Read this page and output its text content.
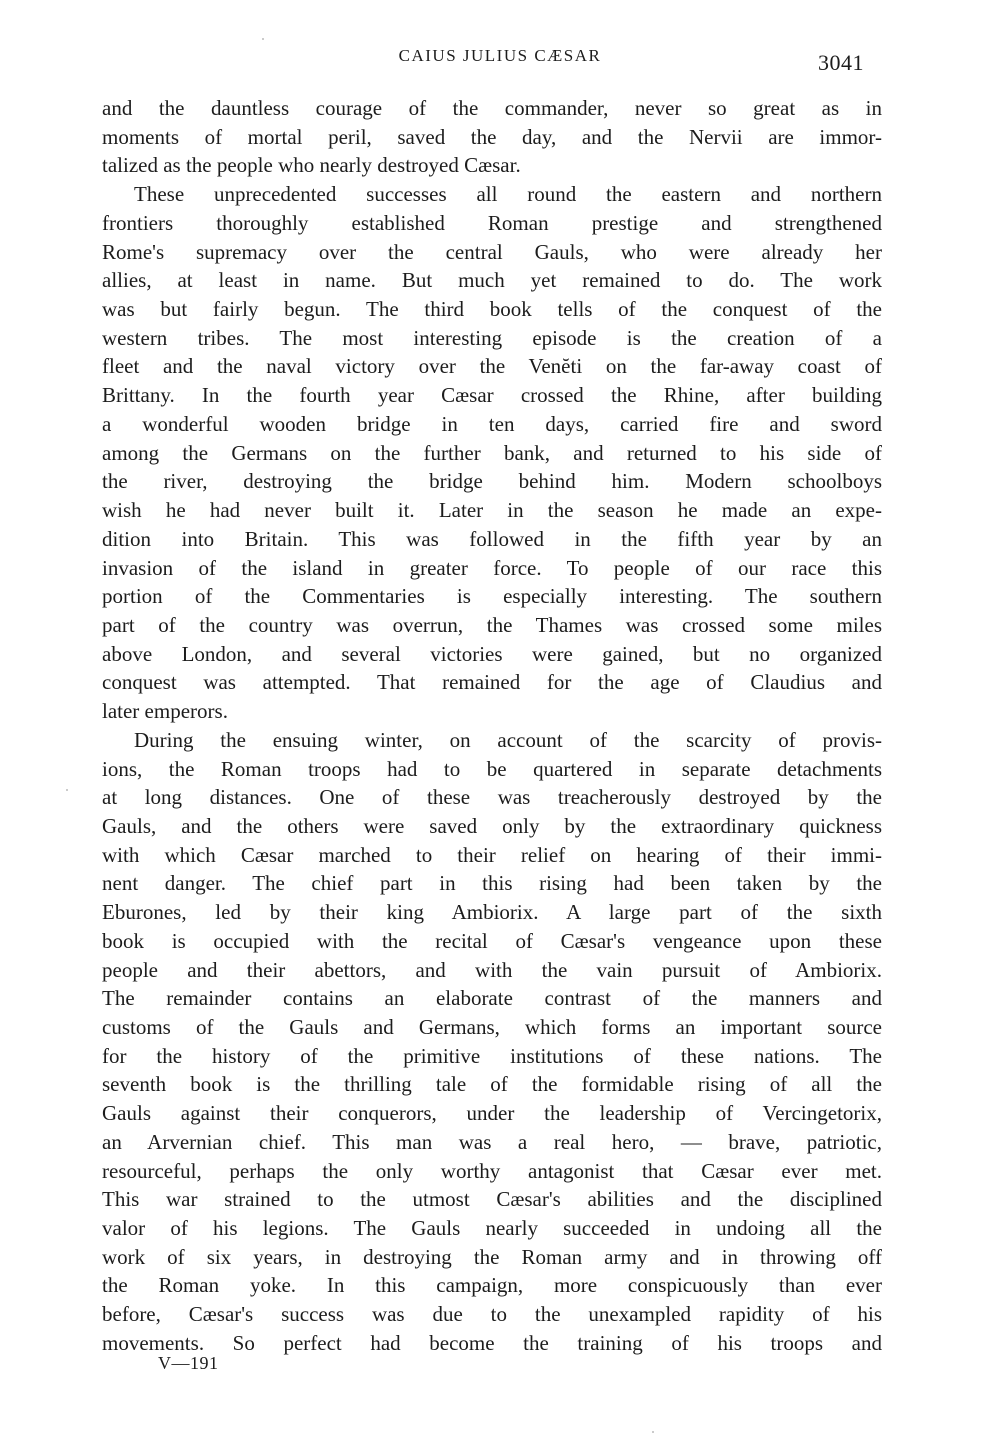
CAIUS JULIUS CÆSAR	3041
and the dauntless courage of the commander, never so great as in
moments of mortal peril, saved the day, and the Nervii are immor-
talized as the people who nearly destroyed Cæsar.
These unprecedented successes all round the eastern and northern
frontiers thoroughly established Roman prestige and strengthened
Rome's supremacy over the central Gauls, who were already her
allies, at least in name. But much yet remained to do. The work
was but fairly begun. The third book tells of the conquest of the
western tribes. The most interesting episode is the creation of a
fleet and the naval victory over the Venĕti on the far-away coast of
Brittany. In the fourth year Cæsar crossed the Rhine, after building
a wonderful wooden bridge in ten days, carried fire and sword
among the Germans on the further bank, and returned to his side of
the river, destroying the bridge behind him. Modern schoolboys
wish he had never built it. Later in the season he made an expe-
dition into Britain. This was followed in the fifth year by an
invasion of the island in greater force. To people of our race this
portion of the Commentaries is especially interesting. The southern
part of the country was overrun, the Thames was crossed some miles
above London, and several victories were gained, but no organized
conquest was attempted. That remained for the age of Claudius and
later emperors.
During the ensuing winter, on account of the scarcity of provis-
ions, the Roman troops had to be quartered in separate detachments
at long distances. One of these was treacherously destroyed by the
Gauls, and the others were saved only by the extraordinary quickness
with which Cæsar marched to their relief on hearing of their immi-
nent danger. The chief part in this rising had been taken by the
Eburones, led by their king Ambiorix. A large part of the sixth
book is occupied with the recital of Cæsar's vengeance upon these
people and their abettors, and with the vain pursuit of Ambiorix.
The remainder contains an elaborate contrast of the manners and
customs of the Gauls and Germans, which forms an important source
for the history of the primitive institutions of these nations. The
seventh book is the thrilling tale of the formidable rising of all the
Gauls against their conquerors, under the leadership of Vercingetorix,
an Arvernian chief. This man was a real hero, — brave, patriotic,
resourceful, perhaps the only worthy antagonist that Cæsar ever met.
This war strained to the utmost Cæsar's abilities and the disciplined
valor of his legions. The Gauls nearly succeeded in undoing all the
work of six years, in destroying the Roman army and in throwing off
the Roman yoke. In this campaign, more conspicuously than ever
before, Cæsar's success was due to the unexampled rapidity of his
movements. So perfect had become the training of his troops and
V—191
